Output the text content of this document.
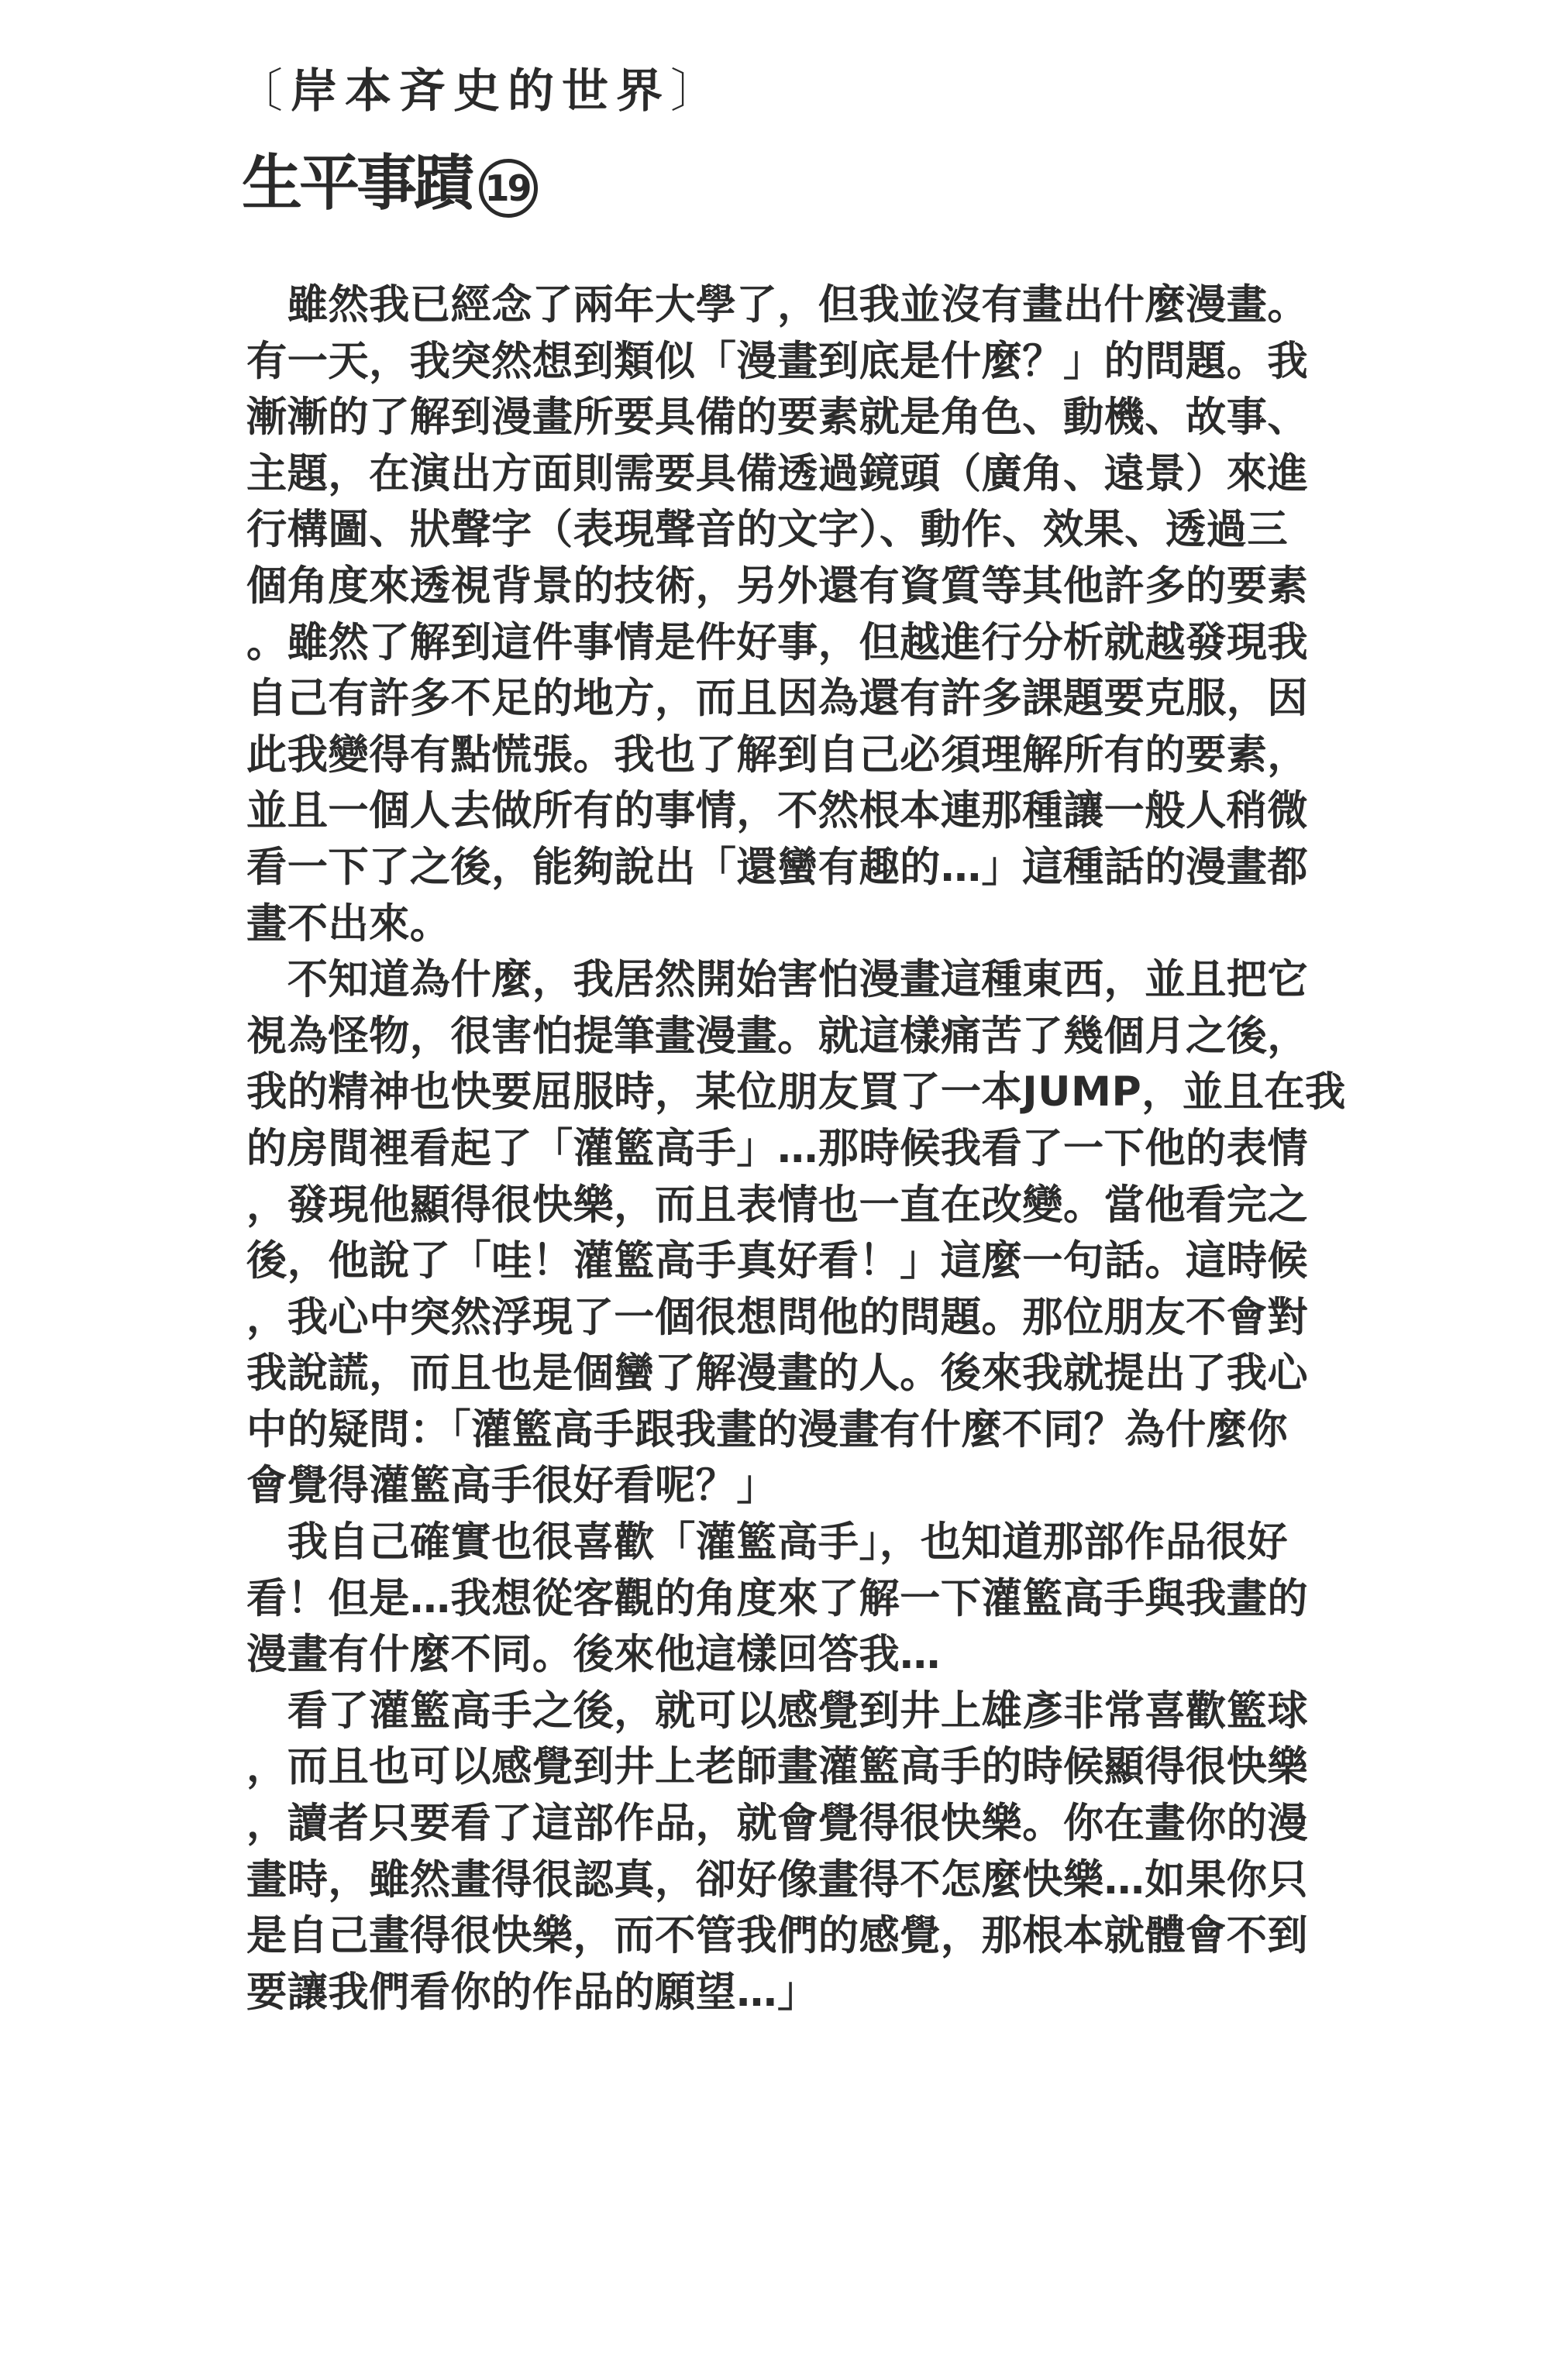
〔岸本斉史的世界〕
生平事蹟 19
　雖然我已經念了兩年大學了，但我並沒有畫出什麼漫畫。
有一天，我突然想到類似「漫畫到底是什麼？」的問題。我
漸漸的了解到漫畫所要具備的要素就是角色、動機、故事、
主題，在演出方面則需要具備透過鏡頭（廣角、遠景）來進
行構圖、狀聲字（表現聲音的文字）、動作、效果、透過三
個角度來透視背景的技術，另外還有資質等其他許多的要素
。雖然了解到這件事情是件好事，但越進行分析就越發現我
自己有許多不足的地方，而且因為還有許多課題要克服，因
此我變得有點慌張。我也了解到自己必須理解所有的要素，
並且一個人去做所有的事情，不然根本連那種讓一般人稍微
看一下了之後，能夠說出「還蠻有趣的…」這種話的漫畫都
畫不出來。
　不知道為什麼，我居然開始害怕漫畫這種東西，並且把它
視為怪物，很害怕提筆畫漫畫。就這樣痛苦了幾個月之後，
我的精神也快要屈服時，某位朋友買了一本JUMP，並且在我
的房間裡看起了「灌籃高手」…那時候我看了一下他的表情
，發現他顯得很快樂，而且表情也一直在改變。當他看完之
後，他說了「哇！灌籃高手真好看！」這麼一句話。這時候
，我心中突然浮現了一個很想問他的問題。那位朋友不會對
我說謊，而且也是個蠻了解漫畫的人。後來我就提出了我心
中的疑問：「灌籃高手跟我畫的漫畫有什麼不同？為什麼你
會覺得灌籃高手很好看呢？」
　我自己確實也很喜歡「灌籃高手」，也知道那部作品很好
看！但是…我想從客觀的角度來了解一下灌籃高手與我畫的
漫畫有什麼不同。後來他這樣回答我…
　看了灌籃高手之後，就可以感覺到井上雄彥非常喜歡籃球
，而且也可以感覺到井上老師畫灌籃高手的時候顯得很快樂
，讀者只要看了這部作品，就會覺得很快樂。你在畫你的漫
畫時，雖然畫得很認真，卻好像畫得不怎麼快樂…如果你只
是自己畫得很快樂，而不管我們的感覺，那根本就體會不到
要讓我們看你的作品的願望…」
